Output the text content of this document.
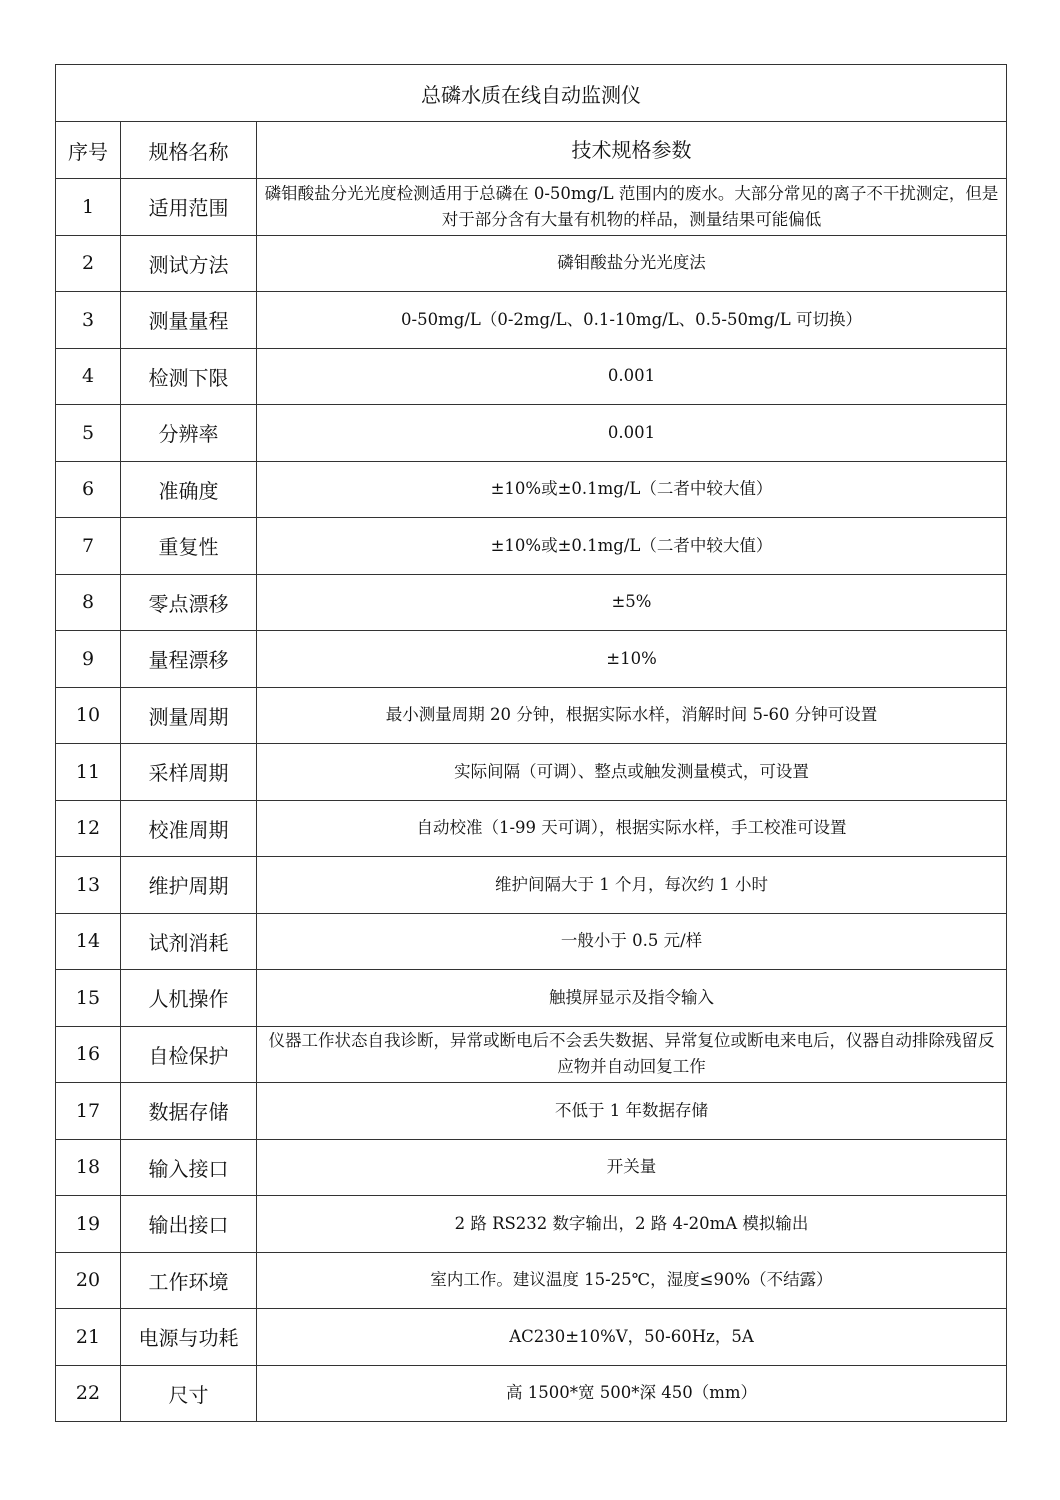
总磷水质在线自动监测仪		
序号	规格名称	技术规格参数
1	适用范围	磷钼酸盐分光光度检测适用于总磷在 0-50mg/L 范围内的废水。大部分常见的离子不干扰测定，但是对于部分含有大量有机物的样品，测量结果可能偏低
2	测试方法	磷钼酸盐分光光度法
3	测量量程	0-50mg/L（0-2mg/L、0.1-10mg/L、0.5-50mg/L 可切换）
4	检测下限	0.001
5	分辨率	0.001
6	准确度	±10%或±0.1mg/L（二者中较大值）
7	重复性	±10%或±0.1mg/L（二者中较大值）
8	零点漂移	±5%
9	量程漂移	±10%
10	测量周期	最小测量周期 20 分钟，根据实际水样，消解时间 5-60 分钟可设置
11	采样周期	实际间隔（可调）、整点或触发测量模式，可设置
12	校准周期	自动校准（1-99 天可调），根据实际水样，手工校准可设置
13	维护周期	维护间隔大于 1 个月，每次约 1 小时
14	试剂消耗	一般小于 0.5 元/样
15	人机操作	触摸屏显示及指令输入
16	自检保护	仪器工作状态自我诊断，异常或断电后不会丢失数据、异常复位或断电来电后，仪器自动排除残留反应物并自动回复工作
17	数据存储	不低于 1 年数据存储
18	输入接口	开关量
19	输出接口	2 路 RS232 数字输出，2 路 4-20mA 模拟输出
20	工作环境	室内工作。建议温度 15-25℃，湿度≤90%（不结露）
21	电源与功耗	AC230±10%V，50-60Hz，5A
22	尺寸	高 1500*宽 500*深 450（mm）
